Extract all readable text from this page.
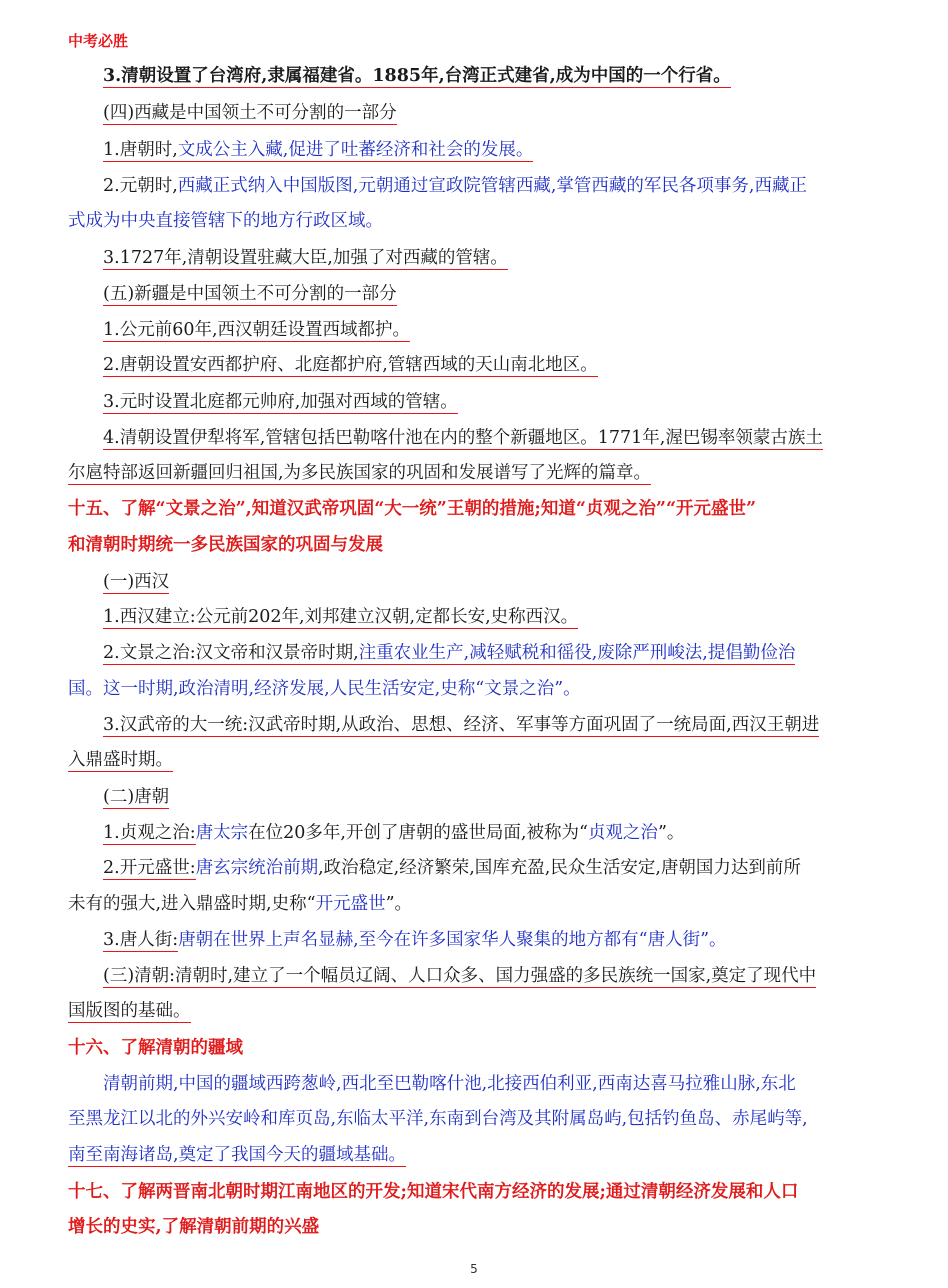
中考必胜
3.清朝设置了台湾府,隶属福建省。1885年,台湾正式建省,成为中国的一个行省。
(四)西藏是中国领土不可分割的一部分
1.唐朝时,文成公主入藏,促进了吐蕃经济和社会的发展。
2.元朝时,西藏正式纳入中国版图,元朝通过宣政院管辖西藏,掌管西藏的军民各项事务,西藏正
式成为中央直接管辖下的地方行政区域。
3.1727年,清朝设置驻藏大臣,加强了对西藏的管辖。
(五)新疆是中国领土不可分割的一部分
1.公元前60年,西汉朝廷设置西域都护。
2.唐朝设置安西都护府、北庭都护府,管辖西域的天山南北地区。
3.元时设置北庭都元帅府,加强对西域的管辖。
4.清朝设置伊犁将军,管辖包括巴勒喀什池在内的整个新疆地区。1771年,渥巴锡率领蒙古族土
尔扈特部返回新疆回归祖国,为多民族国家的巩固和发展谱写了光辉的篇章。
十五、了解“文景之治”,知道汉武帝巩固“大一统”王朝的措施;知道“贞观之治”“开元盛世”
和清朝时期统一多民族国家的巩固与发展
(一)西汉
1.西汉建立:公元前202年,刘邦建立汉朝,定都长安,史称西汉。
2.文景之治:汉文帝和汉景帝时期,注重农业生产,减轻赋税和徭役,废除严刑峻法,提倡勤俭治
国。这一时期,政治清明,经济发展,人民生活安定,史称“文景之治”。
3.汉武帝的大一统:汉武帝时期,从政治、思想、经济、军事等方面巩固了一统局面,西汉王朝进
入鼎盛时期。
(二)唐朝
1.贞观之治:唐太宗在位20多年,开创了唐朝的盛世局面,被称为“贞观之治”。
2.开元盛世:唐玄宗统治前期,政治稳定,经济繁荣,国库充盈,民众生活安定,唐朝国力达到前所
未有的强大,进入鼎盛时期,史称“开元盛世”。
3.唐人街:唐朝在世界上声名显赫,至今在许多国家华人聚集的地方都有“唐人街”。
(三)清朝:清朝时,建立了一个幅员辽阔、人口众多、国力强盛的多民族统一国家,奠定了现代中
国版图的基础。
十六、了解清朝的疆域
清朝前期,中国的疆域西跨葱岭,西北至巴勒喀什池,北接西伯利亚,西南达喜马拉雅山脉,东北
至黑龙江以北的外兴安岭和库页岛,东临太平洋,东南到台湾及其附属岛屿,包括钓鱼岛、赤尾屿等,
南至南海诸岛,奠定了我国今天的疆域基础。
十七、了解两晋南北朝时期江南地区的开发;知道宋代南方经济的发展;通过清朝经济发展和人口
增长的史实,了解清朝前期的兴盛
5
